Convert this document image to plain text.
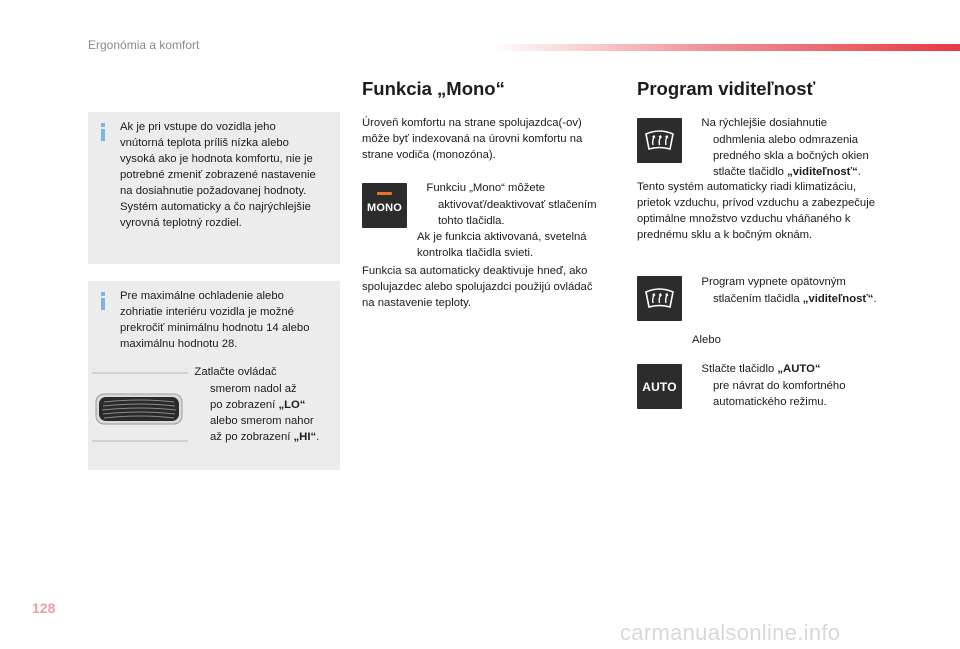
Ergonómia a komfort
Ak je pri vstupe do vozidla jeho
vnútorná teplota príliš nízka alebo
vysoká ako je hodnota komfortu, nie je
potrebné zmeniť zobrazené nastavenie
na dosiahnutie požadovanej hodnoty.
Systém automaticky a čo najrýchlejšie
vyrovná teplotný rozdiel.
Pre maximálne ochladenie alebo
zohriatie interiéru vozidla je možné
prekročiť minimálnu hodnotu 14 alebo
maximálnu hodnotu 28.
Zatlačte ovládač
smerom nadol až
po zobrazení „LO“
alebo smerom nahor
až po zobrazení „HI“.
Funkcia „Mono“
Úroveň komfortu na strane spolujazdca(-ov)
môže byť indexovaná na úrovni komfortu na
strane vodiča (monozóna).
MONO
Funkciu „Mono“ môžete
aktivovať/deaktivovať stlačením
tohto tlačidla.
Ak je funkcia aktivovaná, svetelná
kontrolka tlačidla svieti.
Funkcia sa automaticky deaktivuje hneď, ako
spolujazdec alebo spolujazdci použijú ovládač
na nastavenie teploty.
Program viditeľnosť
Na rýchlejšie dosiahnutie
odhmlenia alebo odmrazenia
predného skla a bočných okien
stlačte tlačidlo „viditeľnosť“.
Tento systém automaticky riadi klimatizáciu,
prietok vzduchu, prívod vzduchu a zabezpečuje
optimálne množstvo vzduchu vháňaného k
prednému sklu a k bočným oknám.
Program vypnete opätovným
stlačením tlačidla „viditeľnosť“.
Alebo
AUTO
Stlačte tlačidlo „AUTO“
pre návrat do komfortného
automatického režimu.
128
carmanualsonline.info
